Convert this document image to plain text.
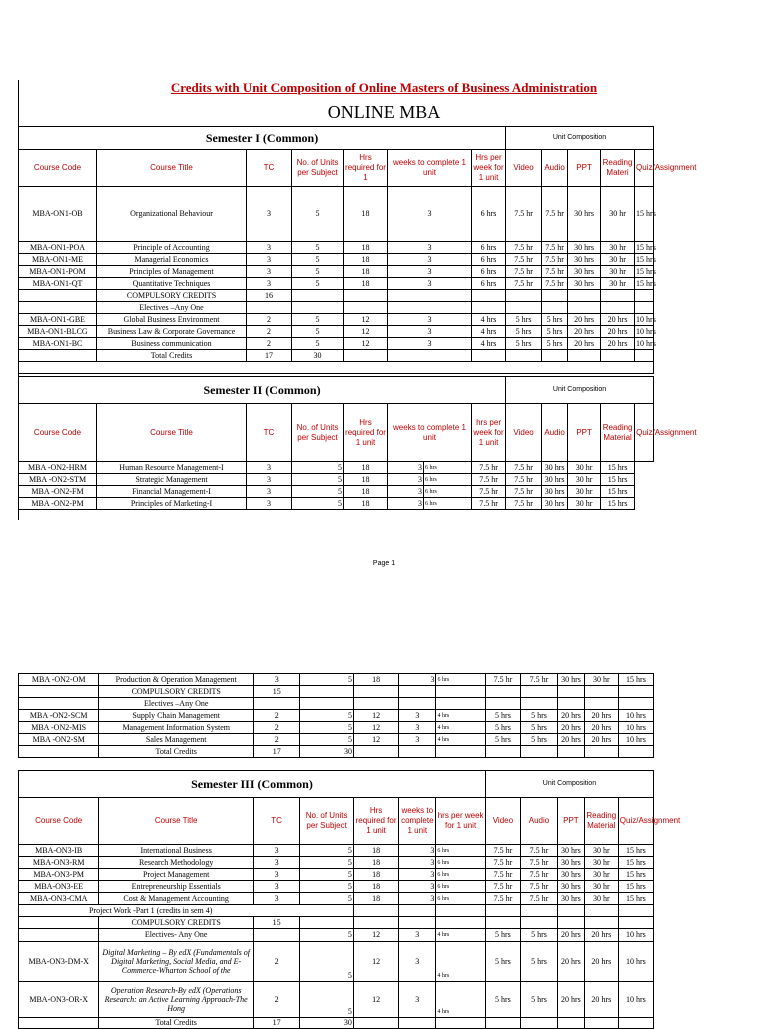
Credits with Unit Composition of Online Masters of Business Administration
ONLINE MBA
Semester I (Common)							Unit Composition				
Course Code	Course Title	TC	No. of Units per Subject	Hrs required for 1	weeks to complete 1 unit	Hrs per week for 1 unit	Video	Audio	PPT	Reading Materi	Quiz/Assignment
MBA-ON1-OB	Organizational Behaviour	3	5	18	3	6 hrs	7.5 hr	7.5 hr	30 hrs	30 hr	15 hrs
MBA-ON1-POA	Principle of Accounting	3	5	18	3	6 hrs	7.5 hr	7.5 hr	30 hrs	30 hr	15 hrs
MBA-ON1-ME	Managerial Economics	3	5	18	3	6 hrs	7.5 hr	7.5 hr	30 hrs	30 hr	15 hrs
MBA-ON1-POM	Principles of Management	3	5	18	3	6 hrs	7.5 hr	7.5 hr	30 hrs	30 hr	15 hrs
MBA-ON1-QT	Quantitative Techniques	3	5	18	3	6 hrs	7.5 hr	7.5 hr	30 hrs	30 hr	15 hrs
	COMPULSORY CREDITS	16									
	Electives –Any One										
MBA-ON1-GBE	Global Business Environment	2	5	12	3	4 hrs	5 hrs	5 hrs	20 hrs	20 hrs	10 hrs
MBA-ON1-BLCG	Business Law & Corporate Governance	2	5	12	3	4 hrs	5 hrs	5 hrs	20 hrs	20 hrs	10 hrs
MBA-ON1-BC	Business communication	2	5	12	3	4 hrs	5 hrs	5 hrs	20 hrs	20 hrs	10 hrs
	Total Credits	17	30								

Semester II (Common)								Unit Composition				
Course Code	Course Title	TC	No. of Units per Subject	Hrs required for 1 unit	weeks to complete 1 unit		hrs per week for 1 unit	Video	Audio	PPT	Reading Material	Quiz/Assignment
MBA -ON2-HRM	Human Resource Management-I	3	5	18	3	6 hrs	7.5 hr	7.5 hr	30 hrs	30 hr	15 hrs	
MBA -ON2-STM	Strategic Management	3	5	18	3	6 hrs	7.5 hr	7.5 hr	30 hrs	30 hr	15 hrs	
MBA -ON2-FM	Financial Management-I	3	5	18	3	6 hrs	7.5 hr	7.5 hr	30 hrs	30 hr	15 hrs	
MBA -ON2-PM	Principles of Marketing-I	3	5	18	3	6 hrs	7.5 hr	7.5 hr	30 hrs	30 hr	15 hrs	
Page 1
MBA -ON2-OM	Production & Operation Management	3	5	18	3	6 hrs	7.5 hr	7.5 hr	30 hrs	30 hr	15 hrs
	COMPULSORY CREDITS	15									
	Electives –Any One										
MBA -ON2-SCM	Supply Chain Management	2	5	12	3	4 hrs	5 hrs	5 hrs	20 hrs	20 hrs	10 hrs
MBA -ON2-MIS	Management Information System	2	5	12	3	4 hrs	5 hrs	5 hrs	20 hrs	20 hrs	10 hrs
MBA -ON2-SM	Sales Management	2	5	12	3	4 hrs	5 hrs	5 hrs	20 hrs	20 hrs	10 hrs
	Total Credits	17	30								
Semester III (Common)							Unit Composition				
Course Code	Course Title	TC	No. of Units per Subject	Hrs required for 1 unit	weeks to complete 1 unit	hrs per week for 1 unit	Video	Audio	PPT	Reading Material	Quiz/Assignment
MBA-ON3-IB	International Business	3	5	18	3	6 hrs	7.5 hr	7.5 hr	30 hrs	30 hr	15 hrs
MBA-ON3-RM	Research Methodology	3	5	18	3	6 hrs	7.5 hr	7.5 hr	30 hrs	30 hr	15 hrs
MBA-ON3-PM	Project Management	3	5	18	3	6 hrs	7.5 hr	7.5 hr	30 hrs	30 hr	15 hrs
MBA-ON3-EE	Entrepreneurship Essentials	3	5	18	3	6 hrs	7.5 hr	7.5 hr	30 hrs	30 hr	15 hrs
MBA-ON3-CMA	Cost & Management Accounting	3	5	18	3	6 hrs	7.5 hr	7.5 hr	30 hrs	30 hr	15 hrs
Project Work -Part 1 (credits in sem 4)											
	COMPULSORY CREDITS	15									
	Electives- Any One		5	12	3	4 hrs	5 hrs	5 hrs	20 hrs	20 hrs	10 hrs
MBA-ON3-DM-X	Digital Marketing – By edX (Fundamentals of Digital Marketing, Social Media, and E-Commerce-Wharton School of the	2	5	12	3	4 hrs	5 hrs	5 hrs	20 hrs	20 hrs	10 hrs
MBA-ON3-OR-X	Operation Research-By edX (Operations Research: an Active Learning Approach-The Hong	2	5	12	3	4 hrs	5 hrs	5 hrs	20 hrs	20 hrs	10 hrs
	Total Credits	17	30								
